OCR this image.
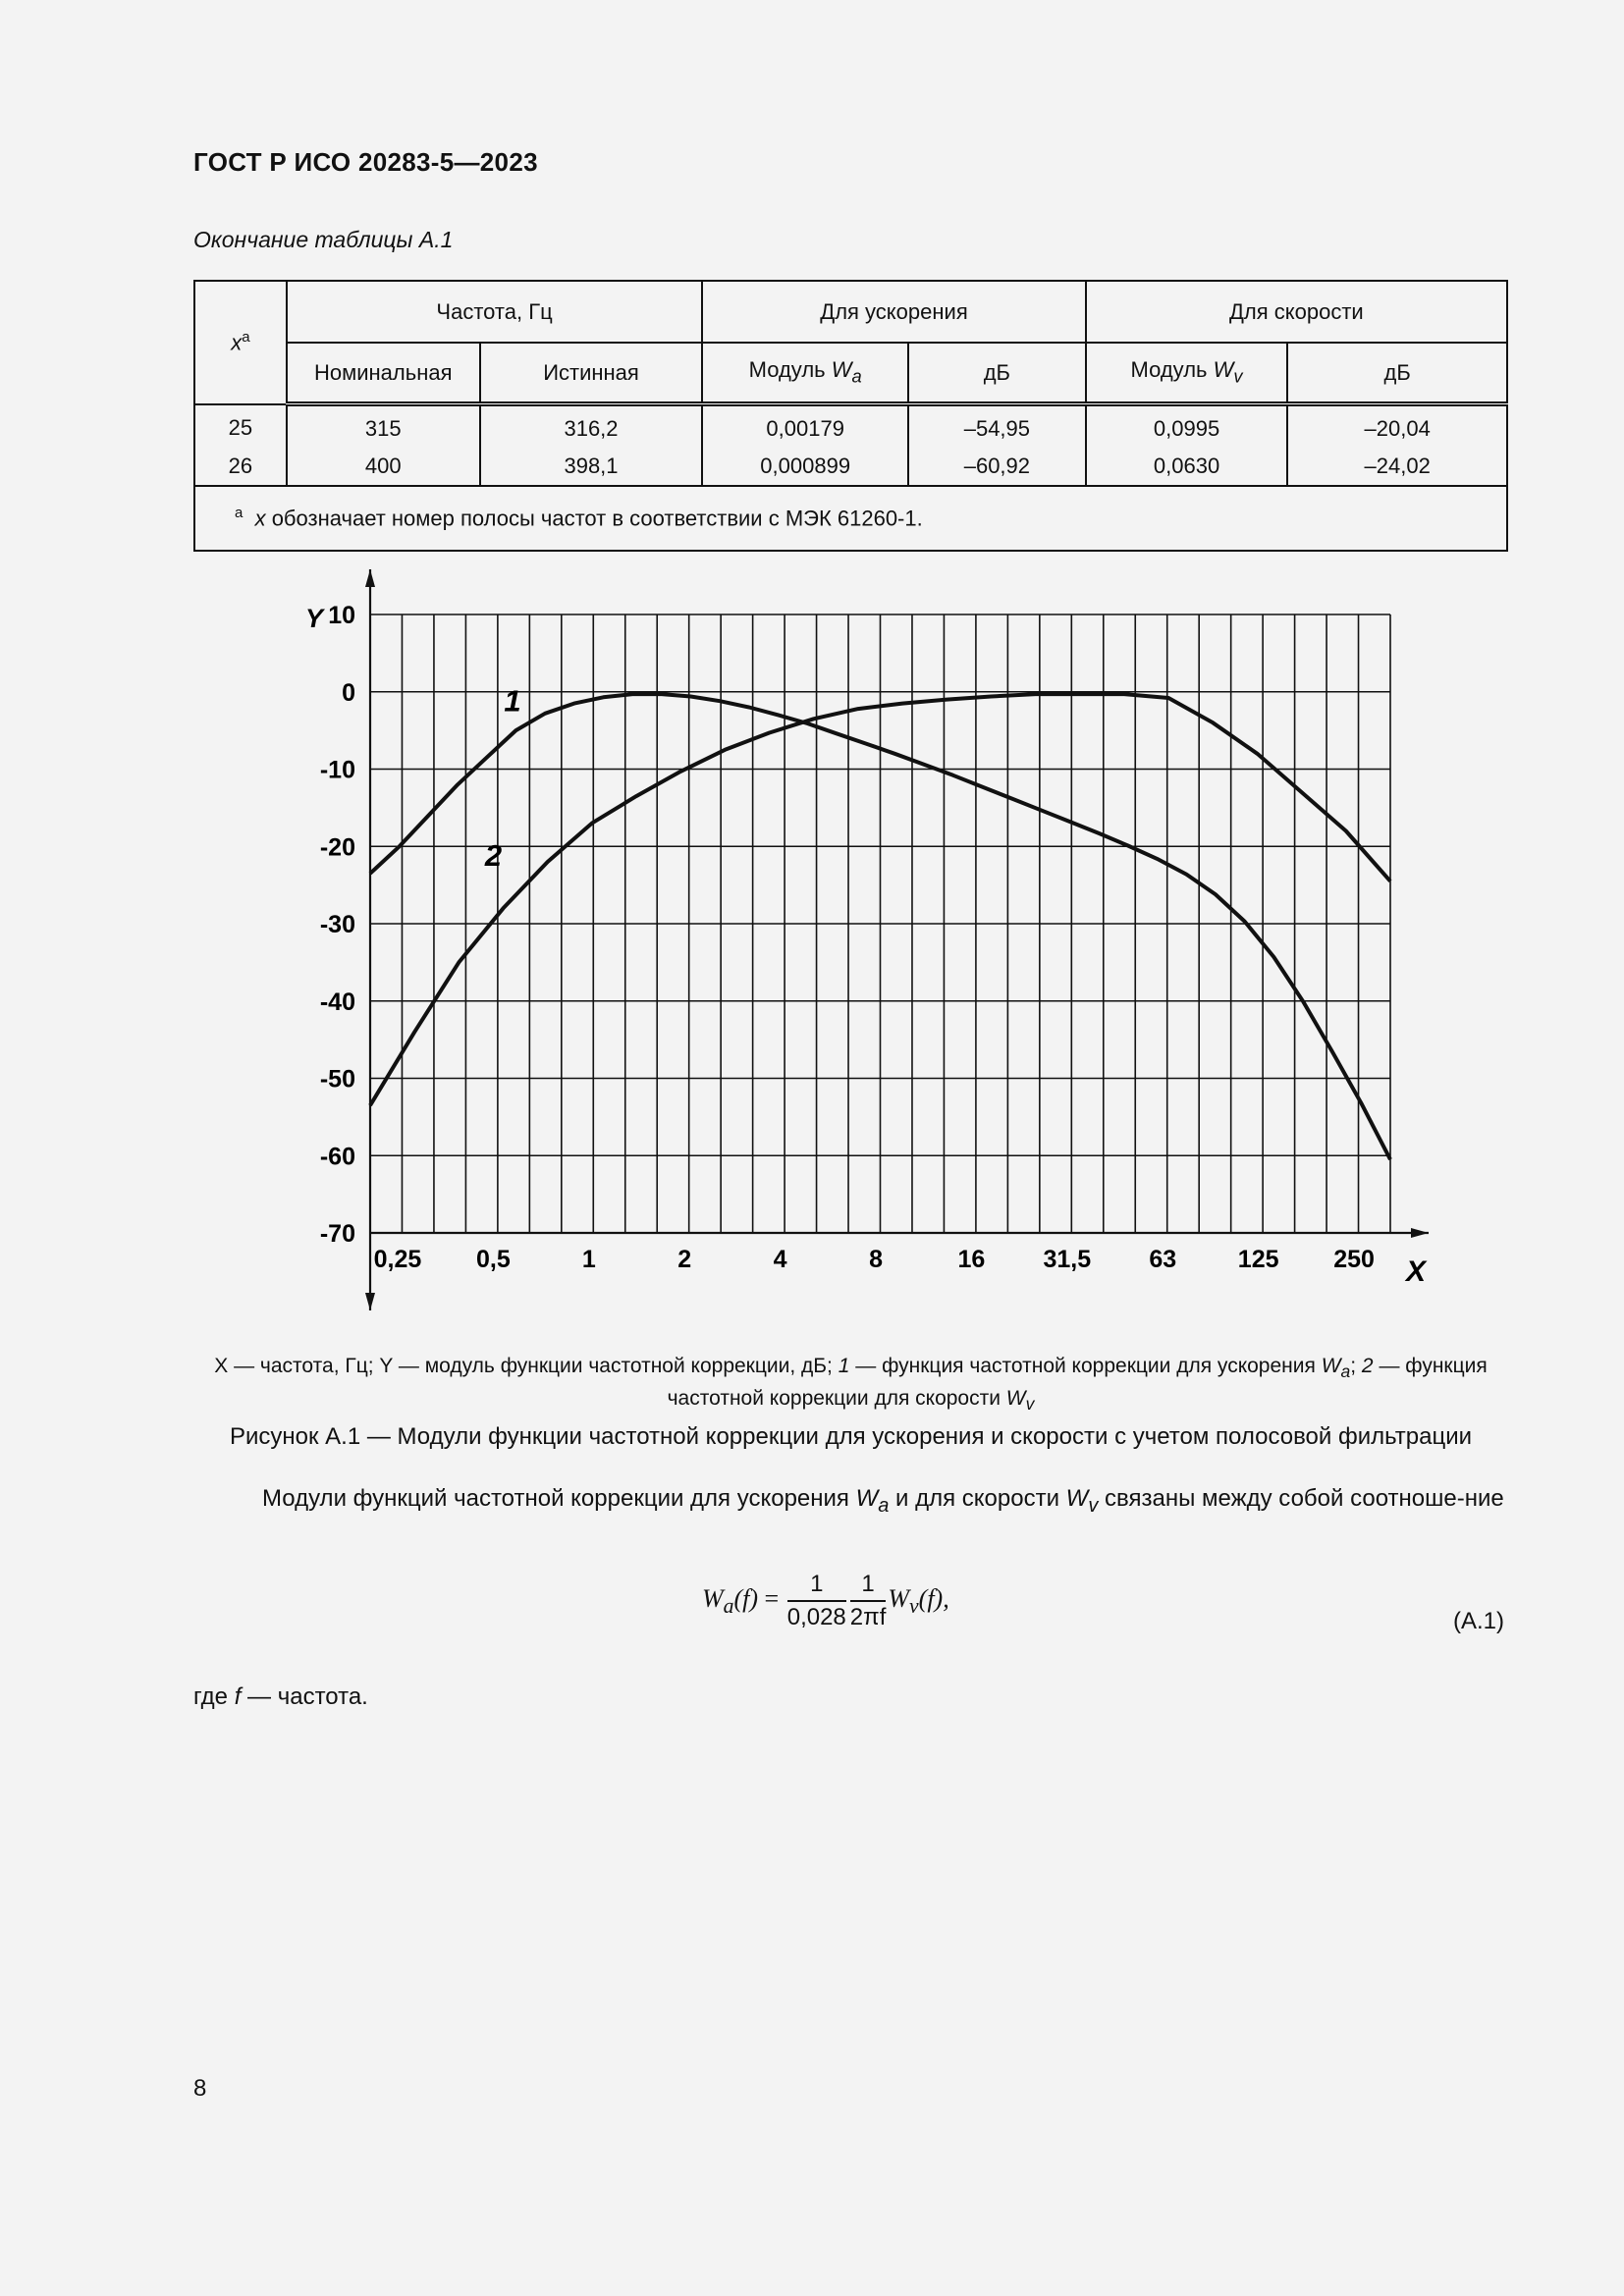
ГОСТ Р ИСО 20283-5—2023
Окончание таблицы А.1
$x^a$	Частота, Гц		Для ускорения		Для скорости	
	Номинальная	Истинная	Модуль $W_a$	дБ	Модуль $W_v$	дБ
25	315	316,2	0,00179	–54,95	0,0995	–20,04
26	400	398,1	0,000899	–60,92	0,0630	–24,02
$^a$ x обозначает номер полосы частот в соответствии с МЭК 61260-1.						
X
Y 10
0
-10
-20
-30
-40
-50
-60
-70
0,25 0,5	1	2	4	8	16 31,5 63	125 250
1
2
X — частота, Гц; Y — модуль функции частотной коррекции, дБ; 1 — функция частотной коррекции для ускорения $W_a$; 2 — функция
частотной коррекции для скорости $W_v$
Рисунок А.1 — Модули функции частотной коррекции для ускорения и скорости с учетом полосовой фильтрации
Модули функций частотной коррекции для ускорения $W_a$ и для скорости $W_v$ связаны между собой соотноше-ние
$W_a(f) = \frac{1}{0,028} \frac{1}{2\pi f} W_v(f)$,
(А.1)
где f — частота.
8
